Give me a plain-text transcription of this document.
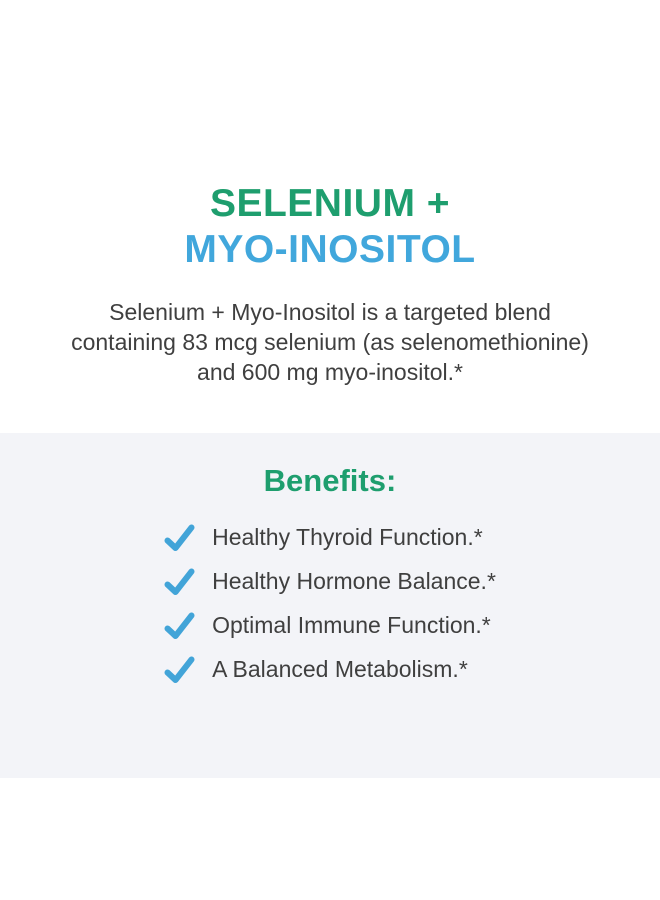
SELENIUM +
MYO-INOSITOL
Selenium + Myo-Inositol is a targeted blend
containing 83 mcg selenium (as selenomethionine)
and 600 mg myo-inositol.*
Benefits:
Healthy Thyroid Function.*
Healthy Hormone Balance.*
Optimal Immune Function.*
A Balanced Metabolism.*
